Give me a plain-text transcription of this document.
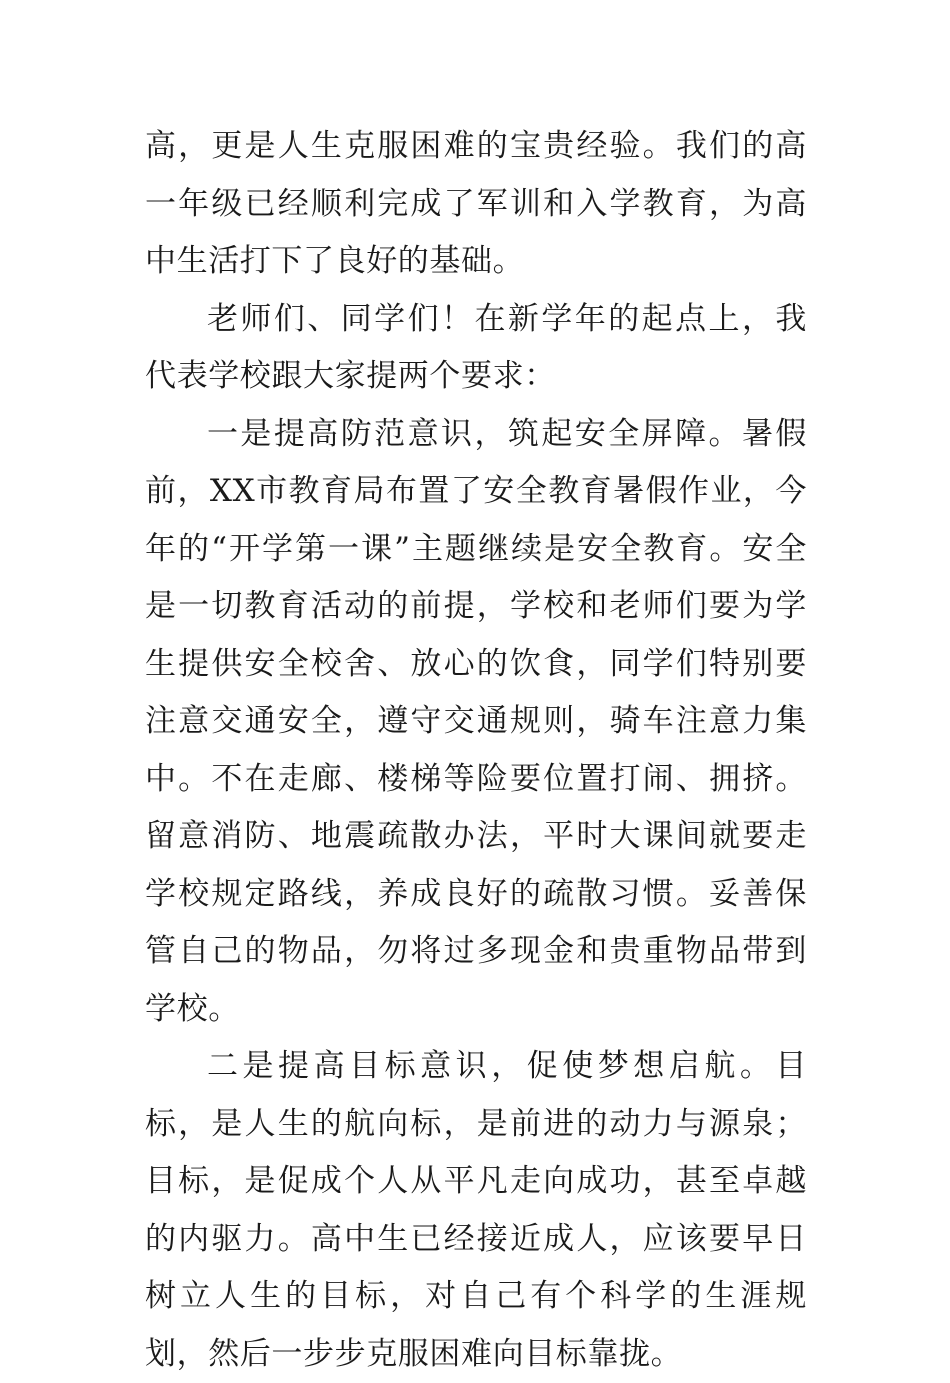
高，更是人生克服困难的宝贵经验。我们的高一年级已经顺利完成了军训和入学教育，为高中生活打下了良好的基础。

老师们、同学们！在新学年的起点上，我代表学校跟大家提两个要求：

一是提高防范意识，筑起安全屏障。暑假前，XX市教育局布置了安全教育暑假作业，今年的“开学第一课”主题继续是安全教育。安全是一切教育活动的前提，学校和老师们要为学生提供安全校舍、放心的饮食，同学们特别要注意交通安全，遵守交通规则，骑车注意力集中。不在走廊、楼梯等险要位置打闹、拥挤。留意消防、地震疏散办法，平时大课间就要走学校规定路线，养成良好的疏散习惯。妥善保管自己的物品，勿将过多现金和贵重物品带到学校。

二是提高目标意识，促使梦想启航。目标，是人生的航向标，是前进的动力与源泉；目标，是促成个人从平凡走向成功，甚至卓越的内驱力。高中生已经接近成人，应该要早日树立人生的目标，对自己有个科学的生涯规划，然后一步步克服困难向目标靠拢。
